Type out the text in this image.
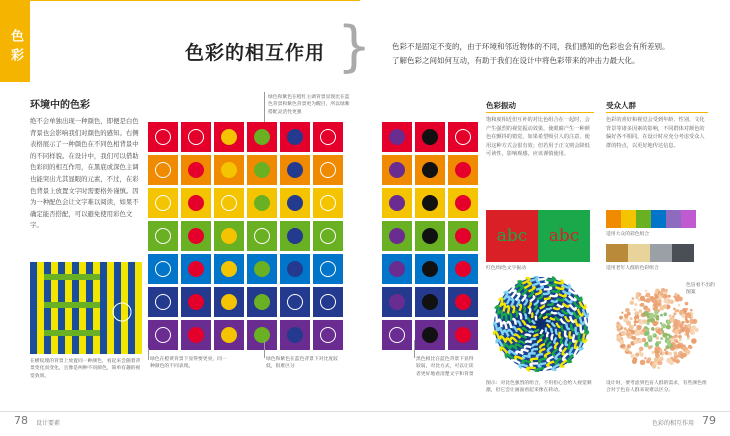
色彩	色彩的相互作用 }	色彩不是固定不变的，由于环境和邻近物体的不同，我们感知的色彩也会有所差别。
了解色彩之间如何互动，有助于我们在设计中将色彩带来的冲击力最大化。
环境中的色彩
绝不会单独出现一种颜色，即便是白色背景也会影响我们对颜色的感知。右侧表格展示了一种颜色在不同色相背景中的不同样貌。在设计中，我们可以借助色彩间的相互作用，在黑底或深色主调也能突出尤其显眼的元素，不过，在彩色背景上放置文字时需要格外谨慎。因为一种配色会让文字难以阅读，如果不确定能否搭配，可以避免使用彩色文字。
在横纹理的背景上放置同一种颜色，看起来会随着背景变化而变化，且像是两种不同颜色，简单有趣的视觉效果。
绿色和紫色在橙红主调背景显现比在蓝色背景和紫色背景更为醒目，所以绿紫搭配灵活性更强
绿色在橙黄背景下显得要更亮，同一种颜色的不同表现。
绿色和紫色在蓝色背景下对比度较低，很难区分
黑色相比在蓝色背景下显得较弱，对比方式，可以让读者更好地看清楚文字和背景
色彩振动
饱和度相近但互补的对比色组合在一起时，会产生强烈的视觉振动效果，使眼睛产生一种颜色在颤抖的错觉。如果希望吸引人的注意，使用这种方式会很有效；但若用于正文则会降低可读性，影响观感，应该谨慎使用。
abc abc
红色/绿色文字振动
图示：对比色强烈的组合，不用担心会给人视觉刺激，但它会让画面看起来像在转动。
受众人群
色彩的喜好和视觉会受到年龄、性别、文化背景等诸多因素的影响，不同群体对颜色的偏好各不相同，在设计时应充分考虑受众人群的特点，以更好地传达信息。
适用大众的彩色组合
适用老年人群的色彩组合
色盲看不出的图案
设计时，要考虑到色盲人群的需求，有些颜色组合对于色盲人群来说难以区分。
78 设计要素	色彩的相互作用 79
